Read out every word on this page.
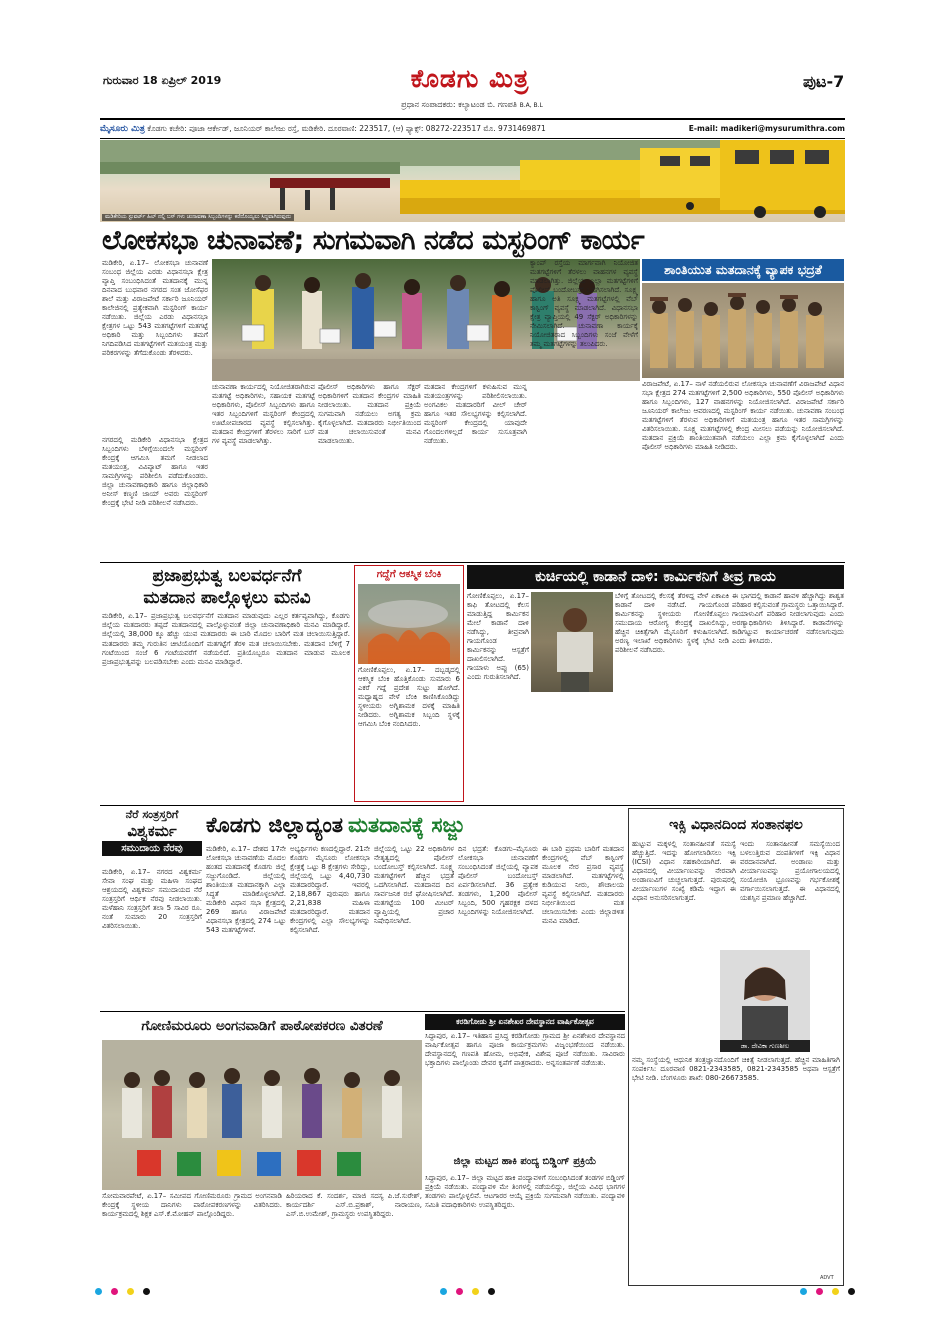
ಗುರುವಾರ 18 ಏಪ್ರಿಲ್ 2019	ಕೊಡಗು ಮಿತ್ರ
ಪ್ರಧಾನ ಸಂಪಾದಕರು: ಕಲ್ಯಾಟಂಡ ಬಿ. ಗಣಪತಿ B.A, B.L
ಪುಟ-7
ಮೈಸೂರು ಮಿತ್ರ ಕೊಡಗು ಕಚೇರಿ: ಪೂಜಾ ಆರ್ಕೇಡ್, ಜೂನಿಯರ್ ಕಾಲೇಜು ರಸ್ತೆ, ಮಡಿಕೇರಿ. ದೂರವಾಣಿ: 223517, (ಆ) ಫ್ಯಾಕ್ಸ್: 08272-223517 ಮೊ. 9731469871	E-mail: madikeri@mysurumithra.com
ಮಡಿಕೇರಿಯ ಸ್ಟುವರ್ಟ್ ಹಿಲ್ ನಲ್ಲಿ ಬಸ್ ಗಳು ಚುನಾವಣಾ ಸಿಬ್ಬಂದಿಗಳನ್ನು ಕರೆದೊಯ್ಯಲು ಸಿದ್ಧವಾಗಿರುವುದು
ಲೋಕಸಭಾ ಚುನಾವಣೆ; ಸುಗಮವಾಗಿ ನಡೆದ ಮಸ್ಟರಿಂಗ್ ಕಾರ್ಯ
ಮಡಿಕೇರಿ, ಏ.17– ಲೋಕಸಭಾ ಚುನಾವಣೆ ಸಂಬಂಧ ಜಿಲ್ಲೆಯ ಎರಡು ವಿಧಾನಸಭಾ ಕ್ಷೇತ್ರ ವ್ಯಾಪ್ತಿ ಸಂಬಂಧಿಸಿದಂತೆ ಮತದಾನಕ್ಕೆ ಮುನ್ನ ದಿನವಾದ ಬುಧವಾರ ನಗರದ ಸಂತ ಜೋಸೆಫರ ಶಾಲೆ ಮತ್ತು ವಿರಾಜಪೇಟೆ ಸರ್ಕಾರಿ ಜೂನಿಯರ್ ಕಾಲೇಜಿನಲ್ಲಿ ಪ್ರತ್ಯೇಕವಾಗಿ ಮಸ್ಟರಿಂಗ್ ಕಾರ್ಯ ನಡೆಯಿತು. ಜಿಲ್ಲೆಯ ಎರಡು ವಿಧಾನಸಭಾ ಕ್ಷೇತ್ರಗಳ ಒಟ್ಟು 543 ಮತಗಟ್ಟೆಗಳಿಗೆ ಮತಗಟ್ಟೆ ಅಧಿಕಾರಿ ಮತ್ತು ಸಿಬ್ಬಂದಿಗಳು ತಮಗೆ ನಿಗದಿಪಡಿಸಿದ ಮತಗಟ್ಟೆಗಳಿಗೆ ಮತಯಂತ್ರ ಮತ್ತು ಪರಿಕರಗಳನ್ನು ತೆಗೆದುಕೊಂಡು ತೆರಳಿದರು.
ನಗರದಲ್ಲಿ ಮಡಿಕೇರಿ ವಿಧಾನಸಭಾ ಕ್ಷೇತ್ರದ ಸಿಬ್ಬಂದಿಗಳು ಬೆಳಿಗ್ಗೆಯಿಂದಲೇ ಮಸ್ಟರಿಂಗ್ ಕೇಂದ್ರಕ್ಕೆ ಆಗಮಿಸಿ ತಮಗೆ ನೀಡಲಾದ ಮತಯಂತ್ರ, ವಿವಿಪ್ಯಾಟ್ ಹಾಗೂ ಇತರ ಸಾಮಗ್ರಿಗಳನ್ನು ಪರಿಶೀಲಿಸಿ ಪಡೆದುಕೊಂಡರು. ಜಿಲ್ಲಾ ಚುನಾವಣಾಧಿಕಾರಿ ಹಾಗೂ ಜಿಲ್ಲಾಧಿಕಾರಿ ಅನೀಸ್ ಕಣ್ಮಣಿ ಜಾಯ್ ಅವರು ಮಸ್ಟರಿಂಗ್ ಕೇಂದ್ರಕ್ಕೆ ಭೇಟಿ ನೀಡಿ ಪರಿಶೀಲನೆ ನಡೆಸಿದರು.
ಚುನಾವಣಾ ಕಾರ್ಯದಲ್ಲಿ ನಿಯೋಜಿತರಾಗಿರುವ ಮತಗಟ್ಟೆ ಅಧಿಕಾರಿಗಳು, ಸಹಾಯಕ ಮತಗಟ್ಟೆ ಅಧಿಕಾರಿಗಳು, ಪೊಲೀಸ್ ಸಿಬ್ಬಂದಿಗಳು ಹಾಗೂ ಇತರ ಸಿಬ್ಬಂದಿಗಳಿಗೆ ಮಸ್ಟರಿಂಗ್ ಕೇಂದ್ರದಲ್ಲಿ ಊಟೋಪಚಾರದ ವ್ಯವಸ್ಥೆ ಕಲ್ಪಿಸಲಾಗಿತ್ತು. ಮತದಾನ ಕೇಂದ್ರಗಳಿಗೆ ತೆರಳಲು ಸಾರಿಗೆ ಬಸ್ ಗಳ ವ್ಯವಸ್ಥೆ ಮಾಡಲಾಗಿತ್ತು.
ಪೊಲೀಸ್ ಅಧಿಕಾರಿಗಳು ಹಾಗೂ ಸೆಕ್ಟರ್ ಅಧಿಕಾರಿಗಳಿಗೆ ಮತದಾನ ಕೇಂದ್ರಗಳ ಮಾಹಿತಿ ನೀಡಲಾಯಿತು. ಮತದಾನ ಪ್ರಕ್ರಿಯೆ ಸುಗಮವಾಗಿ ನಡೆಯಲು ಅಗತ್ಯ ಕ್ರಮ ಕೈಗೊಳ್ಳಲಾಗಿದೆ. ಮತದಾರರು ನಿರ್ಭೀತಿಯಿಂದ ಮತ ಚಲಾಯಿಸುವಂತೆ ಮನವಿ ಮಾಡಲಾಯಿತು.
ಮತದಾನ ಕೇಂದ್ರಗಳಿಗೆ ಕಳುಹಿಸುವ ಮುನ್ನ ಮತಯಂತ್ರಗಳನ್ನು ಪರಿಶೀಲಿಸಲಾಯಿತು. ಅಂಗವಿಕಲ ಮತದಾರರಿಗೆ ವೀಲ್ ಚೇರ್ ಹಾಗೂ ಇತರ ಸೌಲಭ್ಯಗಳನ್ನು ಕಲ್ಪಿಸಲಾಗಿದೆ. ಮಸ್ಟರಿಂಗ್ ಕೇಂದ್ರದಲ್ಲಿ ಯಾವುದೇ ಗೊಂದಲಗಳಿಲ್ಲದೆ ಕಾರ್ಯ ಸುಸೂತ್ರವಾಗಿ ನಡೆಯಿತು.
ಕ್ಯಾಂಪ್ ರಸ್ತೆಯ ಮಾರ್ಗವಾಗಿ ನಿಯೋಜಿತ ಮತಗಟ್ಟೆಗಳಿಗೆ ತೆರಳಲು ವಾಹನಗಳ ವ್ಯವಸ್ಥೆ ಮಾಡಲಾಗಿತ್ತು. ಜಿಲ್ಲೆಯ ಎಲ್ಲಾ ಮತಗಟ್ಟೆಗಳಿಗೆ ಪೊಲೀಸ್ ಬಂದೋಬಸ್ತ್ ಒದಗಿಸಲಾಗಿದೆ. ಸೂಕ್ಷ್ಮ ಹಾಗೂ ಅತಿ ಸೂಕ್ಷ್ಮ ಮತಗಟ್ಟೆಗಳಲ್ಲಿ ವೆಬ್ ಕಾಸ್ಟಿಂಗ್ ವ್ಯವಸ್ಥೆ ಮಾಡಲಾಗಿದೆ. ವಿಧಾನಸಭಾ ಕ್ಷೇತ್ರ ವ್ಯಾಪ್ತಿಯಲ್ಲಿ 49 ಸೆಕ್ಟರ್ ಅಧಿಕಾರಿಗಳನ್ನು ನೇಮಿಸಲಾಗಿದೆ. ಚುನಾವಣಾ ಕಾರ್ಯಕ್ಕೆ ನಿಯೋಜಿತರಾದ ಸಿಬ್ಬಂದಿಗಳು ಸಂಜೆ ವೇಳೆಗೆ ತಮ್ಮ ಮತಗಟ್ಟೆಗಳನ್ನು ತಲುಪಿದರು.
ಶಾಂತಿಯುತ ಮತದಾನಕ್ಕೆ ವ್ಯಾಪಕ ಭದ್ರತೆ
ವಿರಾಜಪೇಟೆ, ಏ.17– ನಾಳೆ ನಡೆಯಲಿರುವ ಲೋಕಸಭಾ ಚುನಾವಣೆಗೆ ವಿರಾಜಪೇಟೆ ವಿಧಾನ ಸಭಾ ಕ್ಷೇತ್ರದ 274 ಮತಗಟ್ಟೆಗಳಿಗೆ 2,500 ಅಧಿಕಾರಿಗಳು, 550 ಪೊಲೀಸ್ ಅಧಿಕಾರಿಗಳು ಹಾಗೂ ಸಿಬ್ಬಂದಿಗಳು, 127 ವಾಹನಗಳನ್ನು ನಿಯೋಜಿಸಲಾಗಿದೆ. ವಿರಾಜಪೇಟೆ ಸರ್ಕಾರಿ ಜೂನಿಯರ್ ಕಾಲೇಜು ಆವರಣದಲ್ಲಿ ಮಸ್ಟರಿಂಗ್ ಕಾರ್ಯ ನಡೆಯಿತು. ಚುನಾವಣಾ ಸಂಬಂಧ ಮತಗಟ್ಟೆಗಳಿಗೆ ತೆರಳುವ ಅಧಿಕಾರಿಗಳಿಗೆ ಮತಯಂತ್ರ ಹಾಗೂ ಇತರ ಸಾಮಗ್ರಿಗಳನ್ನು ವಿತರಿಸಲಾಯಿತು. ಸೂಕ್ಷ್ಮ ಮತಗಟ್ಟೆಗಳಲ್ಲಿ ಕೇಂದ್ರ ಮೀಸಲು ಪಡೆಯನ್ನು ನಿಯೋಜಿಸಲಾಗಿದೆ. ಮತದಾನ ಪ್ರಕ್ರಿಯೆ ಶಾಂತಿಯುತವಾಗಿ ನಡೆಯಲು ಎಲ್ಲಾ ಕ್ರಮ ಕೈಗೊಳ್ಳಲಾಗಿದೆ ಎಂದು ಪೊಲೀಸ್ ಅಧಿಕಾರಿಗಳು ಮಾಹಿತಿ ನೀಡಿದರು.
ಪ್ರಜಾಪ್ರಭುತ್ವ ಬಲವರ್ಧನೆಗೆ
ಮತದಾನ ಪಾಲ್ಗೊಳ್ಳಲು ಮನವಿ
ಮಡಿಕೇರಿ, ಏ.17– ಪ್ರಜಾಪ್ರಭುತ್ವ ಬಲವರ್ಧನೆಗೆ ಮತದಾನ ಮಾಡುವುದು ಎಲ್ಲರ ಕರ್ತವ್ಯವಾಗಿದ್ದು, ಕೊಡಗು ಜಿಲ್ಲೆಯ ಮತದಾರರು ತಪ್ಪದೆ ಮತದಾನದಲ್ಲಿ ಪಾಲ್ಗೊಳ್ಳುವಂತೆ ಜಿಲ್ಲಾ ಚುನಾವಣಾಧಿಕಾರಿ ಮನವಿ ಮಾಡಿದ್ದಾರೆ. ಜಿಲ್ಲೆಯಲ್ಲಿ 38,000 ಕ್ಕೂ ಹೆಚ್ಚು ಯುವ ಮತದಾರರು ಈ ಬಾರಿ ಮೊದಲ ಬಾರಿಗೆ ಮತ ಚಲಾಯಿಸುತ್ತಿದ್ದಾರೆ. ಮತದಾರರು ತಮ್ಮ ಗುರುತಿನ ಚೀಟಿಯೊಂದಿಗೆ ಮತಗಟ್ಟೆಗೆ ತೆರಳಿ ಮತ ಚಲಾಯಿಸಬೇಕು. ಮತದಾನ ಬೆಳಿಗ್ಗೆ 7 ಗಂಟೆಯಿಂದ ಸಂಜೆ 6 ಗಂಟೆಯವರೆಗೆ ನಡೆಯಲಿದೆ. ಪ್ರತಿಯೊಬ್ಬರೂ ಮತದಾನ ಮಾಡುವ ಮೂಲಕ ಪ್ರಜಾಪ್ರಭುತ್ವವನ್ನು ಬಲಪಡಿಸಬೇಕು ಎಂದು ಮನವಿ ಮಾಡಿದ್ದಾರೆ.
ಗದ್ದೆಗೆ ಆಕಸ್ಮಿಕ ಬೆಂಕಿ
ಗೋಣಿಕೊಪ್ಪಲು, ಏ.17– ದಬ್ಬಡ್ಕದಲ್ಲಿ ಆಕಸ್ಮಿಕ ಬೆಂಕಿ ಹೊತ್ತಿಕೊಂಡು ಸುಮಾರು 6 ಎಕರೆ ಗದ್ದೆ ಪ್ರದೇಶ ಸುಟ್ಟು ಹೋಗಿದೆ. ಮಧ್ಯಾಹ್ನದ ವೇಳೆ ಬೆಂಕಿ ಕಾಣಿಸಿಕೊಂಡಿದ್ದು ಸ್ಥಳೀಯರು ಅಗ್ನಿಶಾಮಕ ದಳಕ್ಕೆ ಮಾಹಿತಿ ನೀಡಿದರು. ಅಗ್ನಿಶಾಮಕ ಸಿಬ್ಬಂದಿ ಸ್ಥಳಕ್ಕೆ ಆಗಮಿಸಿ ಬೆಂಕಿ ನಂದಿಸಿದರು.
ಕುರ್ಚಿಯಲ್ಲಿ ಕಾಡಾನೆ ದಾಳಿ: ಕಾರ್ಮಿಕನಿಗೆ ತೀವ್ರ ಗಾಯ
ಗೋಣಿಕೊಪ್ಪಲು, ಏ.17– ಕಾಫಿ ತೋಟದಲ್ಲಿ ಕೆಲಸ ಮಾಡುತ್ತಿದ್ದ ಕಾರ್ಮಿಕನ ಮೇಲೆ ಕಾಡಾನೆ ದಾಳಿ ನಡೆಸಿದ್ದು, ತೀವ್ರವಾಗಿ ಗಾಯಗೊಂಡ ಕಾರ್ಮಿಕನನ್ನು ಆಸ್ಪತ್ರೆಗೆ ದಾಖಲಿಸಲಾಗಿದೆ. ಗಾಯಾಳು ಅಪ್ಪು (65) ಎಂದು ಗುರುತಿಸಲಾಗಿದೆ.
ಬೆಳಿಗ್ಗೆ ತೋಟದಲ್ಲಿ ಕೆಲಸಕ್ಕೆ ತೆರಳಿದ್ದ ವೇಳೆ ಏಕಾಏಕಿ ಕಾಡಾನೆ ದಾಳಿ ನಡೆಸಿದೆ. ಗಾಯಗೊಂಡ ಕಾರ್ಮಿಕನನ್ನು ಸ್ಥಳೀಯರು ಗೋಣಿಕೊಪ್ಪಲು ಸಮುದಾಯ ಆರೋಗ್ಯ ಕೇಂದ್ರಕ್ಕೆ ದಾಖಲಿಸಿದ್ದು, ಹೆಚ್ಚಿನ ಚಿಕಿತ್ಸೆಗಾಗಿ ಮೈಸೂರಿಗೆ ಕಳುಹಿಸಲಾಗಿದೆ. ಅರಣ್ಯ ಇಲಾಖೆ ಅಧಿಕಾರಿಗಳು ಸ್ಥಳಕ್ಕೆ ಭೇಟಿ ನೀಡಿ ಪರಿಶೀಲನೆ ನಡೆಸಿದರು.
ಈ ಭಾಗದಲ್ಲಿ ಕಾಡಾನೆ ಹಾವಳಿ ಹೆಚ್ಚಾಗಿದ್ದು ಶಾಶ್ವತ ಪರಿಹಾರ ಕಲ್ಪಿಸುವಂತೆ ಗ್ರಾಮಸ್ಥರು ಒತ್ತಾಯಿಸಿದ್ದಾರೆ. ಗಾಯಾಳುವಿಗೆ ಪರಿಹಾರ ನೀಡಲಾಗುವುದು ಎಂದು ಅರಣ್ಯಾಧಿಕಾರಿಗಳು ತಿಳಿಸಿದ್ದಾರೆ. ಕಾಡಾನೆಗಳನ್ನು ಕಾಡಿಗಟ್ಟುವ ಕಾರ್ಯಾಚರಣೆ ನಡೆಸಲಾಗುವುದು ಎಂದು ತಿಳಿಸಿದರು.
ನೆರೆ ಸಂತ್ರಸ್ತರಿಗೆ
ವಿಶ್ವಕರ್ಮ
ಸಮುದಾಯ ನೆರವು
ಮಡಿಕೇರಿ, ಏ.17– ನಗರದ ವಿಶ್ವಕರ್ಮ ಸೇವಾ ಸಂಘ ಮತ್ತು ಮಹಿಳಾ ಸಂಘದ ಆಶ್ರಯದಲ್ಲಿ ವಿಶ್ವಕರ್ಮ ಸಮುದಾಯದ ನೆರೆ ಸಂತ್ರಸ್ತರಿಗೆ ಆರ್ಥಿಕ ನೆರವು ನೀಡಲಾಯಿತು. ಮಳೆಹಾನಿ ಸಂತ್ರಸ್ತರಿಗೆ ತಲಾ 5 ಸಾವಿರ ರೂ. ನಂತೆ ಸುಮಾರು 20 ಸಂತ್ರಸ್ತರಿಗೆ ವಿತರಿಸಲಾಯಿತು.
ಕೊಡಗು ಜಿಲ್ಲಾದ್ಯಂತ ಮತದಾನಕ್ಕೆ ಸಜ್ಜು
ಮಡಿಕೇರಿ, ಏ.17– ದೇಶದ 17ನೇ ಲೋಕಸಭಾ ಚುನಾವಣೆಯ ಮೊದಲ ಹಂತದ ಮತದಾನಕ್ಕೆ ಕೊಡಗು ಜಿಲ್ಲೆ ಸಜ್ಜುಗೊಂಡಿದೆ. ಜಿಲ್ಲೆಯಲ್ಲಿ ಶಾಂತಿಯುತ ಮತದಾನಕ್ಕಾಗಿ ಎಲ್ಲಾ ಸಿದ್ಧತೆ ಮಾಡಿಕೊಳ್ಳಲಾಗಿದೆ. ಮಡಿಕೇರಿ ವಿಧಾನ ಸಭಾ ಕ್ಷೇತ್ರದಲ್ಲಿ 269 ಹಾಗೂ ವಿರಾಜಪೇಟೆ ವಿಧಾನಸಭಾ ಕ್ಷೇತ್ರದಲ್ಲಿ 274 ಒಟ್ಟು 543 ಮತಗಟ್ಟೆಗಳಿವೆ.
ಅಭ್ಯರ್ಥಿಗಳು ಕಣದಲ್ಲಿದ್ದಾರೆ. 21ನೇ ಕೊಡಗು ಮೈಸೂರು ಲೋಕಸಭಾ ಕ್ಷೇತ್ರಕ್ಕೆ ಒಟ್ಟು 8 ಕ್ಷೇತ್ರಗಳು ಸೇರಿದ್ದು, ಜಿಲ್ಲೆಯಲ್ಲಿ ಒಟ್ಟು 4,40,730 ಮತದಾರರಿದ್ದಾರೆ. ಇವರಲ್ಲಿ 2,18,867 ಪುರುಷರು ಹಾಗೂ 2,21,838 ಮಹಿಳಾ ಮತದಾರರಿದ್ದಾರೆ. ಮತದಾನ ಕೇಂದ್ರಗಳಲ್ಲಿ ಎಲ್ಲಾ ಸೌಲಭ್ಯಗಳನ್ನು ಕಲ್ಪಿಸಲಾಗಿದೆ.
ಜಿಲ್ಲೆಯಲ್ಲಿ ಒಟ್ಟು 22 ಅಧಿಕಾರಿಗಳ ನೇತೃತ್ವದಲ್ಲಿ ಪೊಲೀಸ್ ಬಂದೋಬಸ್ತ್ ಕಲ್ಪಿಸಲಾಗಿದೆ. ಸೂಕ್ಷ್ಮ ಮತಗಟ್ಟೆಗಳಿಗೆ ಹೆಚ್ಚಿನ ಭದ್ರತೆ ಒದಗಿಸಲಾಗಿದೆ. ಮತದಾನದ ದಿನ ಸಾರ್ವಜನಿಕ ರಜೆ ಘೋಷಿಸಲಾಗಿದೆ. ಮತಗಟ್ಟೆಯ 100 ಮೀಟರ್ ವ್ಯಾಪ್ತಿಯಲ್ಲಿ ಪ್ರಚಾರ ನಿಷೇಧಿಸಲಾಗಿದೆ.
ದಿನ ಭದ್ರತೆ: ಕೊಡಗು–ಮೈಸೂರು ಲೋಕಸಭಾ ಚುನಾವಣೆಗೆ ಸಂಬಂಧಿಸಿದಂತೆ ಜಿಲ್ಲೆಯಲ್ಲಿ ವ್ಯಾಪಕ ಪೊಲೀಸ್ ಬಂದೋಬಸ್ತ್ ಏರ್ಪಡಿಸಲಾಗಿದೆ. 36 ಪ್ರತ್ಯೇಕ ತಂಡಗಳು, 1,200 ಪೊಲೀಸ್ ಸಿಬ್ಬಂದಿ, 500 ಗೃಹರಕ್ಷಕ ದಳದ ಸಿಬ್ಬಂದಿಗಳನ್ನು ನಿಯೋಜಿಸಲಾಗಿದೆ.
ಈ ಬಾರಿ ಪ್ರಥಮ ಬಾರಿಗೆ ಮತದಾನ ಕೇಂದ್ರಗಳಲ್ಲಿ ವೆಬ್ ಕಾಸ್ಟಿಂಗ್ ಮೂಲಕ ನೇರ ಪ್ರಸಾರ ವ್ಯವಸ್ಥೆ ಮಾಡಲಾಗಿದೆ. ಮತಗಟ್ಟೆಗಳಲ್ಲಿ ಕುಡಿಯುವ ನೀರು, ಶೌಚಾಲಯ ವ್ಯವಸ್ಥೆ ಕಲ್ಪಿಸಲಾಗಿದೆ. ಮತದಾರರು ನಿರ್ಭೀತಿಯಿಂದ ಮತ ಚಲಾಯಿಸಬೇಕು ಎಂದು ಜಿಲ್ಲಾಡಳಿತ ಮನವಿ ಮಾಡಿದೆ.
ಇಕ್ಸಿ ವಿಧಾನದಿಂದ ಸಂತಾನಫಲ
ಹುಟ್ಟುವ ಮಕ್ಕಳಲ್ಲಿ ಸಂತಾನಹೀನತೆ ಸಮಸ್ಯೆ ಹೆಚ್ಚುತ್ತಿದೆ. ಇದನ್ನು ಹೋಗಲಾಡಿಸಲು ಇಕ್ಸಿ (ICSI) ವಿಧಾನ ಸಹಕಾರಿಯಾಗಿದೆ. ಈ ವಿಧಾನದಲ್ಲಿ ವೀರ್ಯಾಣುವನ್ನು ನೇರವಾಗಿ ಅಂಡಾಣುವಿಗೆ ಚುಚ್ಚಲಾಗುತ್ತದೆ. ಪುರುಷರಲ್ಲಿ ವೀರ್ಯಾಣುಗಳ ಸಂಖ್ಯೆ ಕಡಿಮೆ ಇದ್ದಾಗ ಈ ವಿಧಾನ ಅನುಸರಿಸಲಾಗುತ್ತದೆ.
ಇಂದು ಸಂತಾನಹೀನತೆ ಸಮಸ್ಯೆಯಿಂದ ಬಳಲುತ್ತಿರುವ ದಂಪತಿಗಳಿಗೆ ಇಕ್ಸಿ ವಿಧಾನ ವರದಾನವಾಗಿದೆ. ಅಂಡಾಣು ಮತ್ತು ವೀರ್ಯಾಣುವನ್ನು ಪ್ರಯೋಗಾಲಯದಲ್ಲಿ ಸಂಯೋಜಿಸಿ ಭ್ರೂಣವನ್ನು ಗರ್ಭಕೋಶಕ್ಕೆ ವರ್ಗಾಯಿಸಲಾಗುತ್ತದೆ. ಈ ವಿಧಾನದಲ್ಲಿ ಯಶಸ್ಸಿನ ಪ್ರಮಾಣ ಹೆಚ್ಚಾಗಿದೆ.
ಡಾ. ದೇವಿಕಾ ಗುಣಶೀಲ
ನಮ್ಮ ಸಂಸ್ಥೆಯಲ್ಲಿ ಆಧುನಿಕ ತಂತ್ರಜ್ಞಾನದೊಂದಿಗೆ ಚಿಕಿತ್ಸೆ ನೀಡಲಾಗುತ್ತದೆ. ಹೆಚ್ಚಿನ ಮಾಹಿತಿಗಾಗಿ ಸಂಪರ್ಕಿಸಿ: ದೂರವಾಣಿ 0821-2343585, 0821-2343585 ಅಥವಾ ಆಸ್ಪತ್ರೆಗೆ ಭೇಟಿ ನೀಡಿ. ಬೆಂಗಳೂರು ಶಾಖೆ: 080-26673585.
ADVT
ಗೋಣಿಮರೂರು ಅಂಗನವಾಡಿಗೆ ಪಾಠೋಪಕರಣ ವಿತರಣೆ
ಸೋಮವಾರಪೇಟೆ, ಏ.17– ಸಮೀಪದ ಗೋಣಿಮರೂರು ಗ್ರಾಮದ ಅಂಗನವಾಡಿ ಕೇಂದ್ರಕ್ಕೆ ಸ್ಥಳೀಯ ದಾನಿಗಳು ಪಾಠೋಪಕರಣಗಳನ್ನು ವಿತರಿಸಿದರು. ಕಾರ್ಯಕ್ರಮದಲ್ಲಿ ಶಿಕ್ಷಕ ಎಸ್.ಕೆ.ಮೋಹನ್ ಪಾಲ್ಗೊಂಡಿದ್ದರು.
ಹಿರಿಯರಾದ ಕೆ. ಸಂದರ್ಶ, ಮಾಜಿ ಸದಸ್ಯ ಪಿ.ಜೆ.ಸುರೇಶ್, ಕಾರ್ಯದರ್ಶಿ ಎಸ್.ಬಿ.ಪ್ರಕಾಶ್, ನಾರಾಯಣ, ಎಸ್.ಬಿ.ಉಮೇಶ್, ಗ್ರಾಮಸ್ಥರು ಉಪಸ್ಥಿತರಿದ್ದರು.
ಕರಡಿಗೋಡು ಶ್ರೀ ಏನಶೇಖರ ದೇವಸ್ಥಾನದ ವಾರ್ಷಿಕೋತ್ಸವ
ಸಿದ್ದಾಪುರ, ಏ.17– ಇತಿಹಾಸ ಪ್ರಸಿದ್ಧ ಕರಡಿಗೋಡು ಗ್ರಾಮದ ಶ್ರೀ ಏನಶೇಖರ ದೇವಸ್ಥಾನದ ವಾರ್ಷಿಕೋತ್ಸವ ಹಾಗೂ ಪೂಜಾ ಕಾರ್ಯಕ್ರಮಗಳು ವಿಜೃಂಭಣೆಯಿಂದ ನಡೆಯಿತು. ದೇವಸ್ಥಾನದಲ್ಲಿ ಗಣಪತಿ ಹೋಮ, ಅಭಿಷೇಕ, ವಿಶೇಷ ಪೂಜೆ ನಡೆಯಿತು. ಸಾವಿರಾರು ಭಕ್ತಾದಿಗಳು ಪಾಲ್ಗೊಂಡು ದೇವರ ಕೃಪೆಗೆ ಪಾತ್ರರಾದರು. ಅನ್ನಸಂತರ್ಪಣೆ ನಡೆಯಿತು.
ಜಿಲ್ಲಾ ಮಟ್ಟದ ಹಾಕಿ ಪಂದ್ಯ ಬಿಡ್ಡಿಂಗ್ ಪ್ರಕ್ರಿಯೆ
ಸಿದ್ದಾಪುರ, ಏ.17– ಜಿಲ್ಲಾ ಮಟ್ಟದ ಹಾಕಿ ಪಂದ್ಯಾವಳಿಗೆ ಸಂಬಂಧಿಸಿದಂತೆ ತಂಡಗಳ ಬಿಡ್ಡಿಂಗ್ ಪ್ರಕ್ರಿಯೆ ನಡೆಯಿತು. ಪಂದ್ಯಾವಳಿ ಮೇ ತಿಂಗಳಲ್ಲಿ ನಡೆಯಲಿದ್ದು, ಜಿಲ್ಲೆಯ ವಿವಿಧ ಭಾಗಗಳ ತಂಡಗಳು ಪಾಲ್ಗೊಳ್ಳಲಿವೆ. ಆಟಗಾರರ ಆಯ್ಕೆ ಪ್ರಕ್ರಿಯೆ ಸುಗಮವಾಗಿ ನಡೆಯಿತು. ಪಂದ್ಯಾವಳಿ ಸಮಿತಿ ಪದಾಧಿಕಾರಿಗಳು ಉಪಸ್ಥಿತರಿದ್ದರು.
